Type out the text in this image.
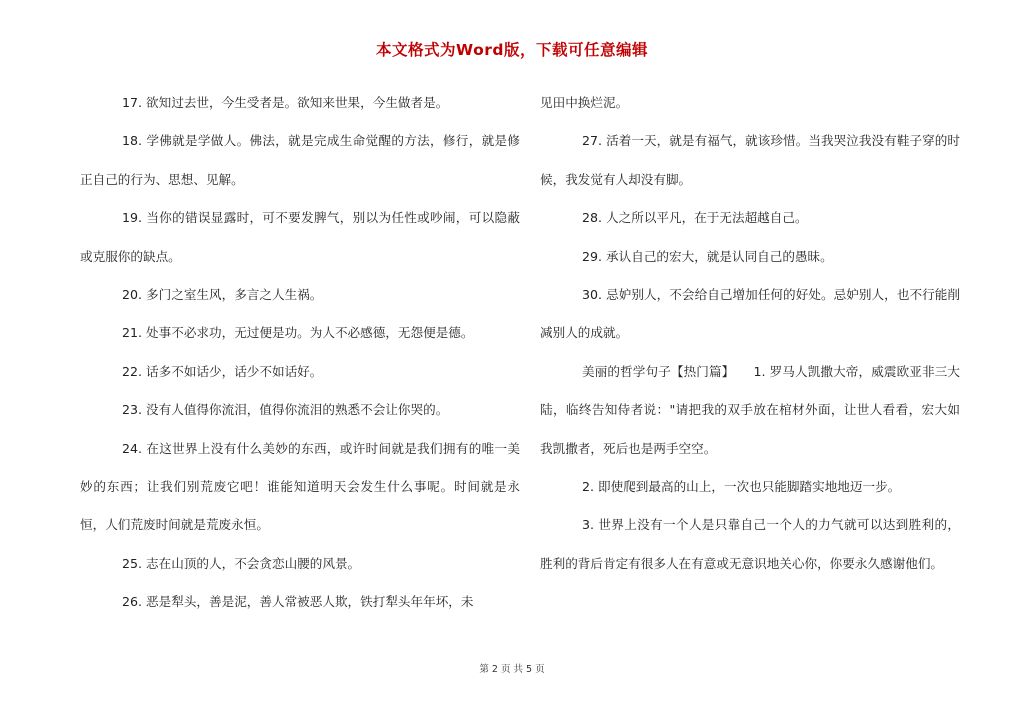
本文格式为Word版，下载可任意编辑

17. 欲知过去世，今生受者是。欲知来世果，今生做者是。

18. 学佛就是学做人。佛法，就是完成生命觉醒的方法，修行，就是修正自己的行为、思想、见解。

19. 当你的错误显露时，可不要发脾气，别以为任性或吵闹，可以隐蔽或克服你的缺点。

20. 多门之室生风，多言之人生祸。

21. 处事不必求功，无过便是功。为人不必感德，无怨便是德。

22. 话多不如话少，话少不如话好。

23. 没有人值得你流泪，值得你流泪的熟悉不会让你哭的。

24. 在这世界上没有什么美妙的东西，或许时间就是我们拥有的唯一美妙的东西；让我们别荒废它吧！谁能知道明天会发生什么事呢。时间就是永恒，人们荒废时间就是荒废永恒。

25. 志在山顶的人，不会贪恋山腰的风景。

26. 恶是犁头，善是泥，善人常被恶人欺，铁打犁头年年坏，未

见田中换烂泥。

27. 活着一天，就是有福气，就该珍惜。当我哭泣我没有鞋子穿的时候，我发觉有人却没有脚。

28. 人之所以平凡，在于无法超越自己。

29. 承认自己的宏大，就是认同自己的愚昧。

30. 忌妒别人，不会给自己增加任何的好处。忌妒别人，也不行能削减别人的成就。

美丽的哲学句子【热门篇】　　1. 罗马人凯撒大帝，威震欧亚非三大陆，临终告知侍者说："请把我的双手放在棺材外面，让世人看看，宏大如我凯撒者，死后也是两手空空。

2. 即使爬到最高的山上，一次也只能脚踏实地地迈一步。

3. 世界上没有一个人是只靠自己一个人的力气就可以达到胜利的，胜利的背后肯定有很多人在有意或无意识地关心你，你要永久感谢他们。

第 2 页 共 5 页
